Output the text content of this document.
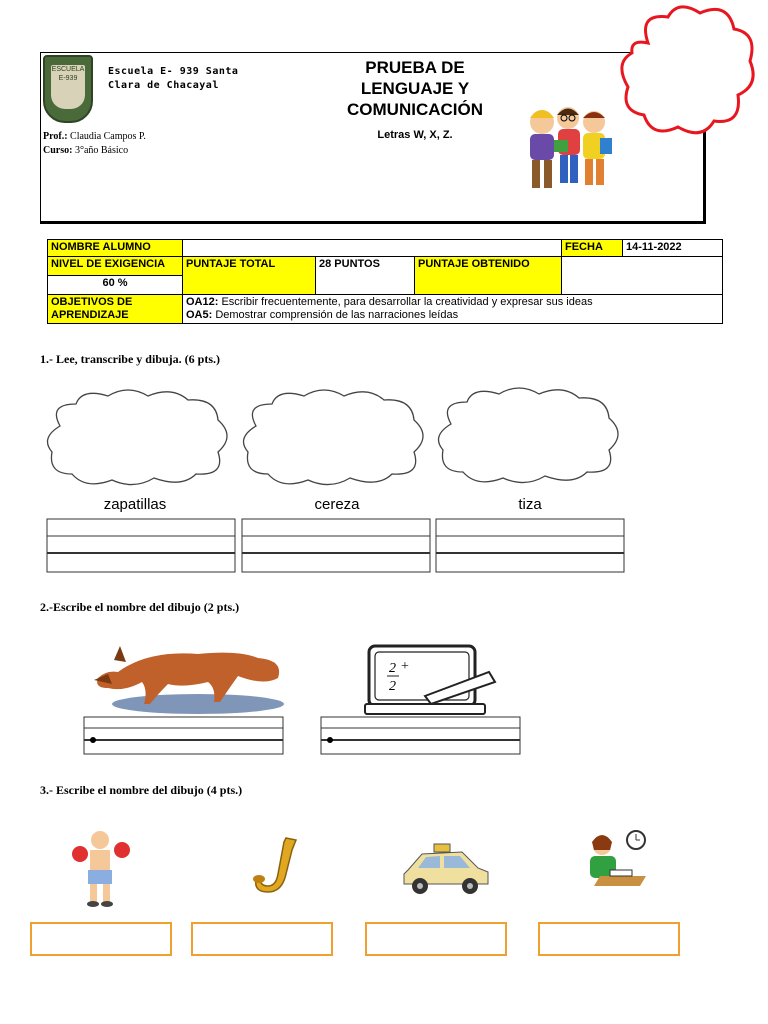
ESCUELA E-939
Escuela E- 939 Santa
Clara de Chacayal
Prof.: Claudia Campos P.
Curso: 3°año Básico
PRUEBA DE LENGUAJE Y COMUNICACIÓN
Letras W, X, Z.
NOMBRE ALUMNO				FECHA	14-11-2022
NIVEL DE EXIGENCIA	PUNTAJE TOTAL	28 PUNTOS	PUNTAJE OBTENIDO		
60 %					
OBJETIVOS DE APRENDIZAJE	OA12: Escribir frecuentemente, para desarrollar la creatividad y expresar sus ideas
OA5: Demostrar comprensión de las narraciones leídas				
1.- Lee, transcribe y dibuja. (6 pts.)
zapatillas	cereza	tiza
2.-Escribe el nombre del dibujo (2 pts.)
2 +
2
3.- Escribe el nombre del dibujo (4 pts.)
